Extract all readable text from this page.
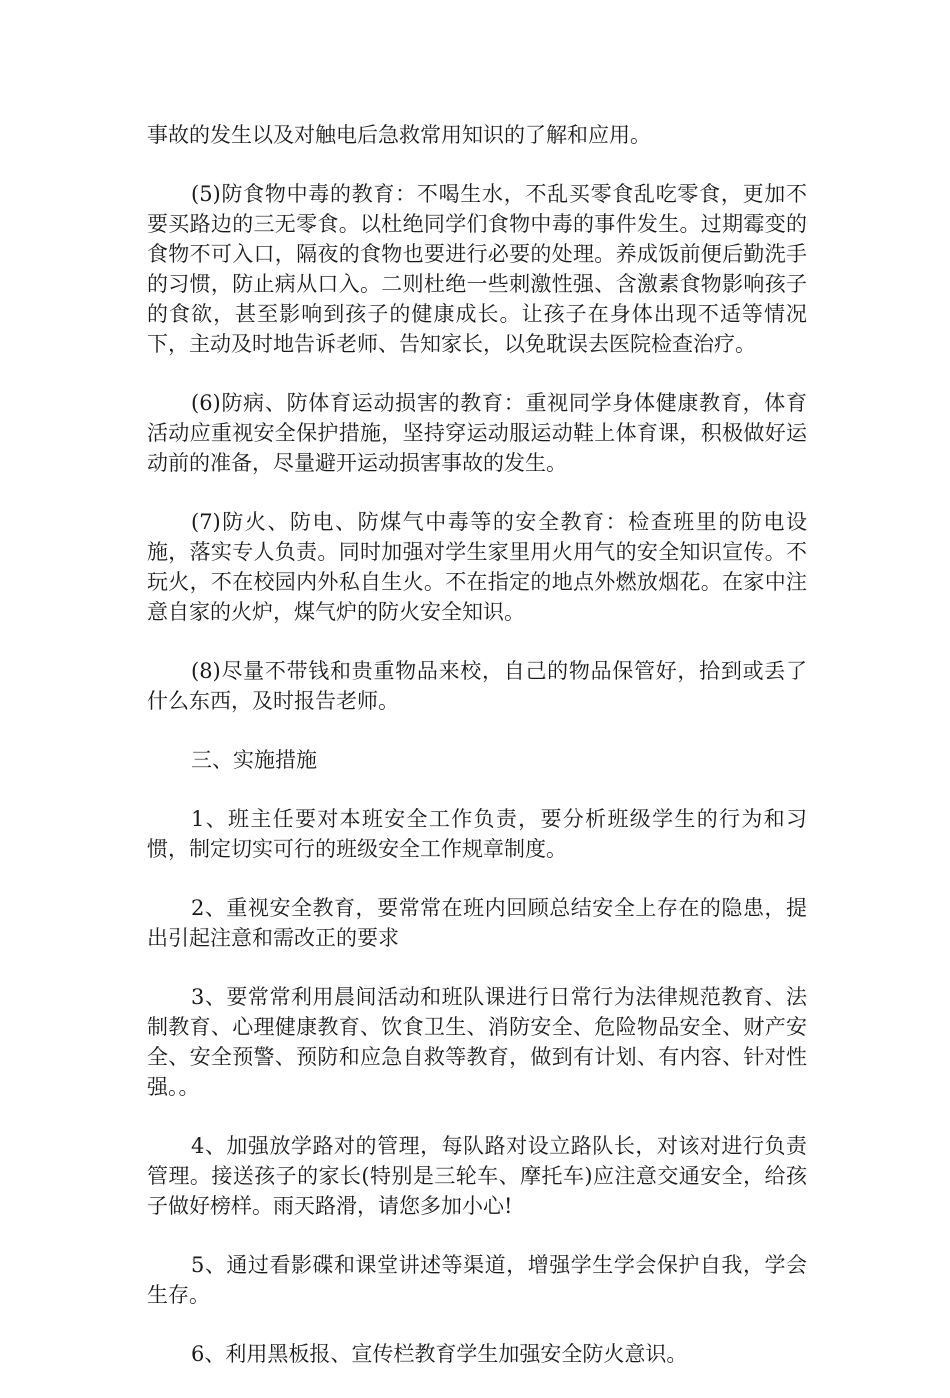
事故的发生以及对触电后急救常用知识的了解和应用。

(5)防食物中毒的教育：不喝生水，不乱买零食乱吃零食，更加不要买路边的三无零食。以杜绝同学们食物中毒的事件发生。过期霉变的食物不可入口，隔夜的食物也要进行必要的处理。养成饭前便后勤洗手的习惯，防止病从口入。二则杜绝一些刺激性强、含激素食物影响孩子的食欲，甚至影响到孩子的健康成长。让孩子在身体出现不适等情况下，主动及时地告诉老师、告知家长，以免耽误去医院检查治疗。

(6)防病、防体育运动损害的教育：重视同学身体健康教育，体育活动应重视安全保护措施，坚持穿运动服运动鞋上体育课，积极做好运动前的准备，尽量避开运动损害事故的发生。

(7)防火、防电、防煤气中毒等的安全教育：检查班里的防电设施，落实专人负责。同时加强对学生家里用火用气的安全知识宣传。不玩火，不在校园内外私自生火。不在指定的地点外燃放烟花。在家中注意自家的火炉，煤气炉的防火安全知识。

(8)尽量不带钱和贵重物品来校，自己的物品保管好，拾到或丢了什么东西，及时报告老师。

三、实施措施

1、班主任要对本班安全工作负责，要分析班级学生的行为和习惯，制定切实可行的班级安全工作规章制度。

2、重视安全教育，要常常在班内回顾总结安全上存在的隐患，提出引起注意和需改正的要求

3、要常常利用晨间活动和班队课进行日常行为法律规范教育、法制教育、心理健康教育、饮食卫生、消防安全、危险物品安全、财产安全、安全预警、预防和应急自救等教育，做到有计划、有内容、针对性强。。

4、加强放学路对的管理，每队路对设立路队长，对该对进行负责管理。接送孩子的家长(特别是三轮车、摩托车)应注意交通安全，给孩子做好榜样。雨天路滑，请您多加小心!

5、通过看影碟和课堂讲述等渠道，增强学生学会保护自我，学会生存。

6、利用黑板报、宣传栏教育学生加强安全防火意识。
